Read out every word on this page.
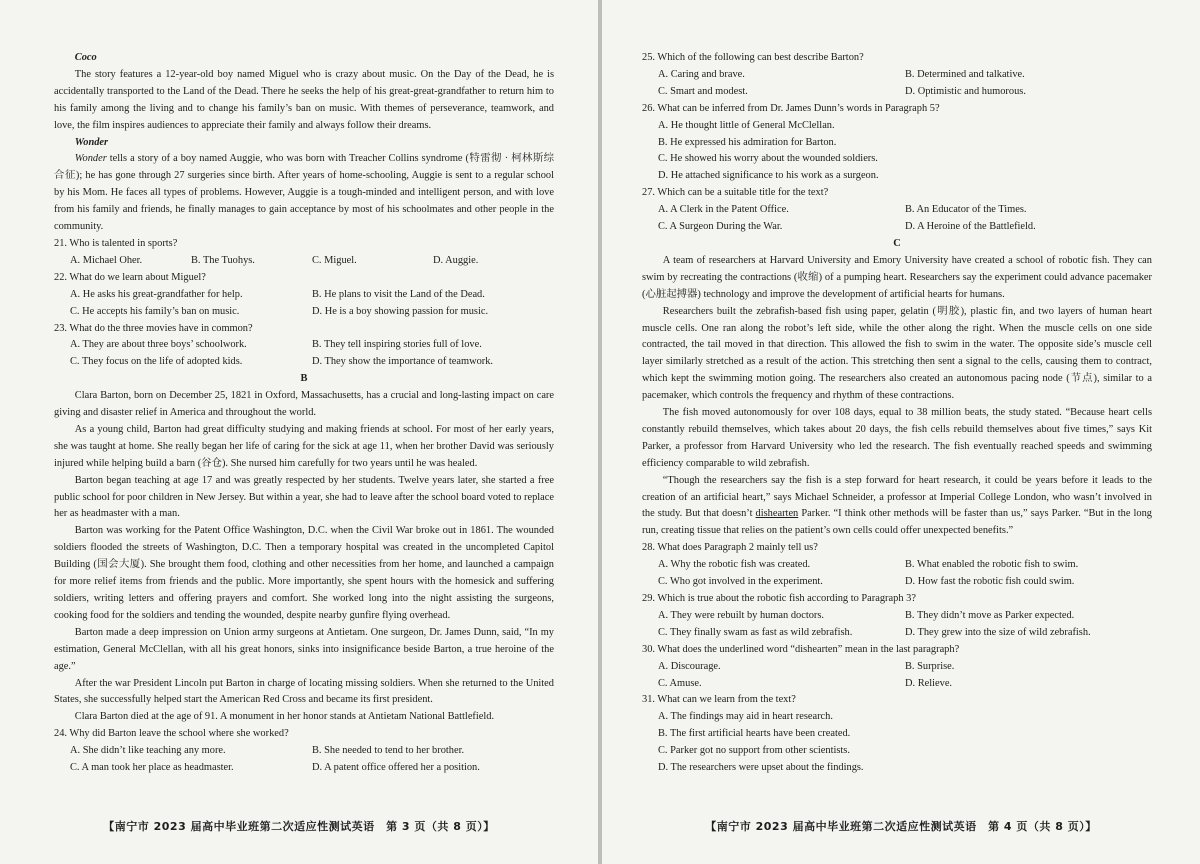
Coco

The story features a 12-year-old boy named Miguel who is crazy about music. On the Day of the Dead, he is accidentally transported to the Land of the Dead. There he seeks the help of his great-great-grandfather to return him to his family among the living and to change his family’s ban on music. With themes of perseverance, teamwork, and love, the film inspires audiences to appreciate their family and always follow their dreams.

Wonder

Wonder tells a story of a boy named Auggie, who was born with Treacher Collins syndrome (特雷彻 · 柯林斯综合征); he has gone through 27 surgeries since birth. After years of home-schooling, Auggie is sent to a regular school by his Mom. He faces all types of problems. However, Auggie is a tough-minded and intelligent person, and with love from his family and friends, he finally manages to gain acceptance by most of his schoolmates and other people in the community.

21. Who is talented in sports?

A. Michael Oher.	B. The Tuohys.	C. Miguel.	D. Auggie.

22. What do we learn about Miguel?

A. He asks his great-grandfather for help.	B. He plans to visit the Land of the Dead.
C. He accepts his family’s ban on music.	D. He is a boy showing passion for music.

23. What do the three movies have in common?

A. They are about three boys’ schoolwork.	B. They tell inspiring stories full of love.
C. They focus on the life of adopted kids.	D. They show the importance of teamwork.

B

Clara Barton, born on December 25, 1821 in Oxford, Massachusetts, has a crucial and long-lasting impact on care giving and disaster relief in America and throughout the world.

As a young child, Barton had great difficulty studying and making friends at school. For most of her early years, she was taught at home. She really began her life of caring for the sick at age 11, when her brother David was seriously injured while helping build a barn (谷仓). She nursed him carefully for two years until he was healed.

Barton began teaching at age 17 and was greatly respected by her students. Twelve years later, she started a free public school for poor children in New Jersey. But within a year, she had to leave after the school board voted to replace her as headmaster with a man.

Barton was working for the Patent Office Washington, D.C. when the Civil War broke out in 1861. The wounded soldiers flooded the streets of Washington, D.C. Then a temporary hospital was created in the uncompleted Capitol Building (国会大厦). She brought them food, clothing and other necessities from her home, and launched a campaign for more relief items from friends and the public. More importantly, she spent hours with the homesick and suffering soldiers, writing letters and offering prayers and comfort. She worked long into the night assisting the surgeons, cooking food for the soldiers and tending the wounded, despite nearby gunfire flying overhead.

Barton made a deep impression on Union army surgeons at Antietam. One surgeon, Dr. James Dunn, said, “In my estimation, General McClellan, with all his great honors, sinks into insignificance beside Barton, a true heroine of the age.”

After the war President Lincoln put Barton in charge of locating missing soldiers. When she returned to the United States, she successfully helped start the American Red Cross and became its first president.

Clara Barton died at the age of 91. A monument in her honor stands at Antietam National Battlefield.

24. Why did Barton leave the school where she worked?

A. She didn’t like teaching any more.	B. She needed to tend to her brother.
C. A man took her place as headmaster.	D. A patent office offered her a position.
【南宁市 2023 届高中毕业班第二次适应性测试英语　第 3 页（共 8 页）】

25. Which of the following can best describe Barton?

A. Caring and brave.	B. Determined and talkative.
C. Smart and modest.	D. Optimistic and humorous.

26. What can be inferred from Dr. James Dunn’s words in Paragraph 5?

A. He thought little of General McClellan.

B. He expressed his admiration for Barton.

C. He showed his worry about the wounded soldiers.

D. He attached significance to his work as a surgeon.

27. Which can be a suitable title for the text?

A. A Clerk in the Patent Office.	B. An Educator of the Times.
C. A Surgeon During the War.	D. A Heroine of the Battlefield.

C

A team of researchers at Harvard University and Emory University have created a school of robotic fish. They can swim by recreating the contractions (收缩) of a pumping heart. Researchers say the experiment could advance pacemaker (心脏起搏器) technology and improve the development of artificial hearts for humans.

Researchers built the zebrafish-based fish using paper, gelatin (明胶), plastic fin, and two layers of human heart muscle cells. One ran along the robot’s left side, while the other along the right. When the muscle cells on one side contracted, the tail moved in that direction. This allowed the fish to swim in the water. The opposite side’s muscle cell layer similarly stretched as a result of the action. This stretching then sent a signal to the cells, causing them to contract, which kept the swimming motion going. The researchers also created an autonomous pacing node (节点), similar to a pacemaker, which controls the frequency and rhythm of these contractions.

The fish moved autonomously for over 108 days, equal to 38 million beats, the study stated. “Because heart cells constantly rebuild themselves, which takes about 20 days, the fish cells rebuild themselves about five times,” says Kit Parker, a professor from Harvard University who led the research. The fish eventually reached speeds and swimming efficiency comparable to wild zebrafish.

“Though the researchers say the fish is a step forward for heart research, it could be years before it leads to the creation of an artificial heart,” says Michael Schneider, a professor at Imperial College London, who wasn’t involved in the study. But that doesn’t dishearten Parker. “I think other methods will be faster than us,” says Parker. “But in the long run, creating tissue that relies on the patient’s own cells could offer unexpected benefits.”

28. What does Paragraph 2 mainly tell us?

A. Why the robotic fish was created.	B. What enabled the robotic fish to swim.
C. Who got involved in the experiment.	D. How fast the robotic fish could swim.

29. Which is true about the robotic fish according to Paragraph 3?

A. They were rebuilt by human doctors.	B. They didn’t move as Parker expected.
C. They finally swam as fast as wild zebrafish.	D. They grew into the size of wild zebrafish.

30. What does the underlined word “dishearten” mean in the last paragraph?

A. Discourage.	B. Surprise.
C. Amuse.	D. Relieve.

31. What can we learn from the text?

A. The findings may aid in heart research.

B. The first artificial hearts have been created.

C. Parker got no support from other scientists.

D. The researchers were upset about the findings.

【南宁市 2023 届高中毕业班第二次适应性测试英语　第 4 页（共 8 页）】
